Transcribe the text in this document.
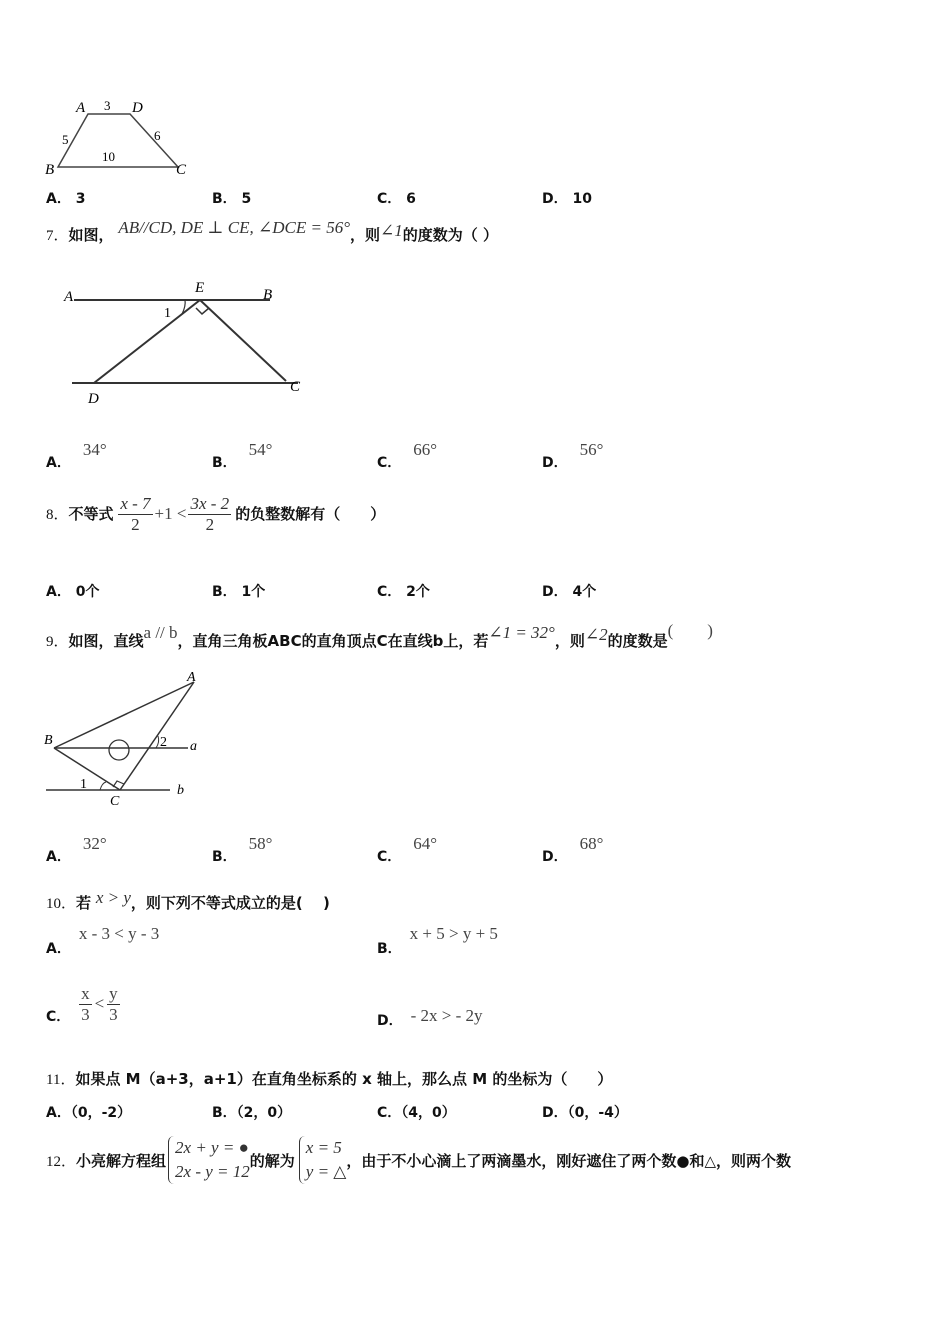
A 3 D
5	6
10
B	C
A． 3	B． 5	C． 6	D． 10
7．如图， AB//CD, DE ⊥ CE, ∠DCE = 56°，则∠1的度数为（ ）
A
E	B
1
D
C
A．34°
B．54°
C．66°
D．56°
8．不等式 $\frac{x - 7}{2} +1 < \frac{3x - 2}{2}$ 的负整数解有（　　）
A． 0个	B． 1个	C． 2个	D． 4个
9．如图，直线a // b，直角三角板ABC的直角顶点C在直线b上，若∠1 = 32°，则∠2的度数是(　　)
A
B	2 a
1	b
C
A．32°
B．58°
C．64°
D．68°
10．若 x > y，则下列不等式成立的是(　 )
A．x - 3 < y - 3
B．x + 5 > y + 5
C． $\frac{x}{3} < \frac{y}{3}$	D． - 2x > - 2y
11．如果点 M（a+3，a+1）在直角坐标系的 x 轴上，那么点 M 的坐标为（　　）
A．（0，-2）	B．（2，0）	C．（4，0）	D．（0，-4）
12． 小亮解方程组
2x + y = ●
2x - y = 12
的解为
x = 5
y = △
，由于不小心滴上了两滴墨水，刚好遮住了两个数●和△，则两个数
